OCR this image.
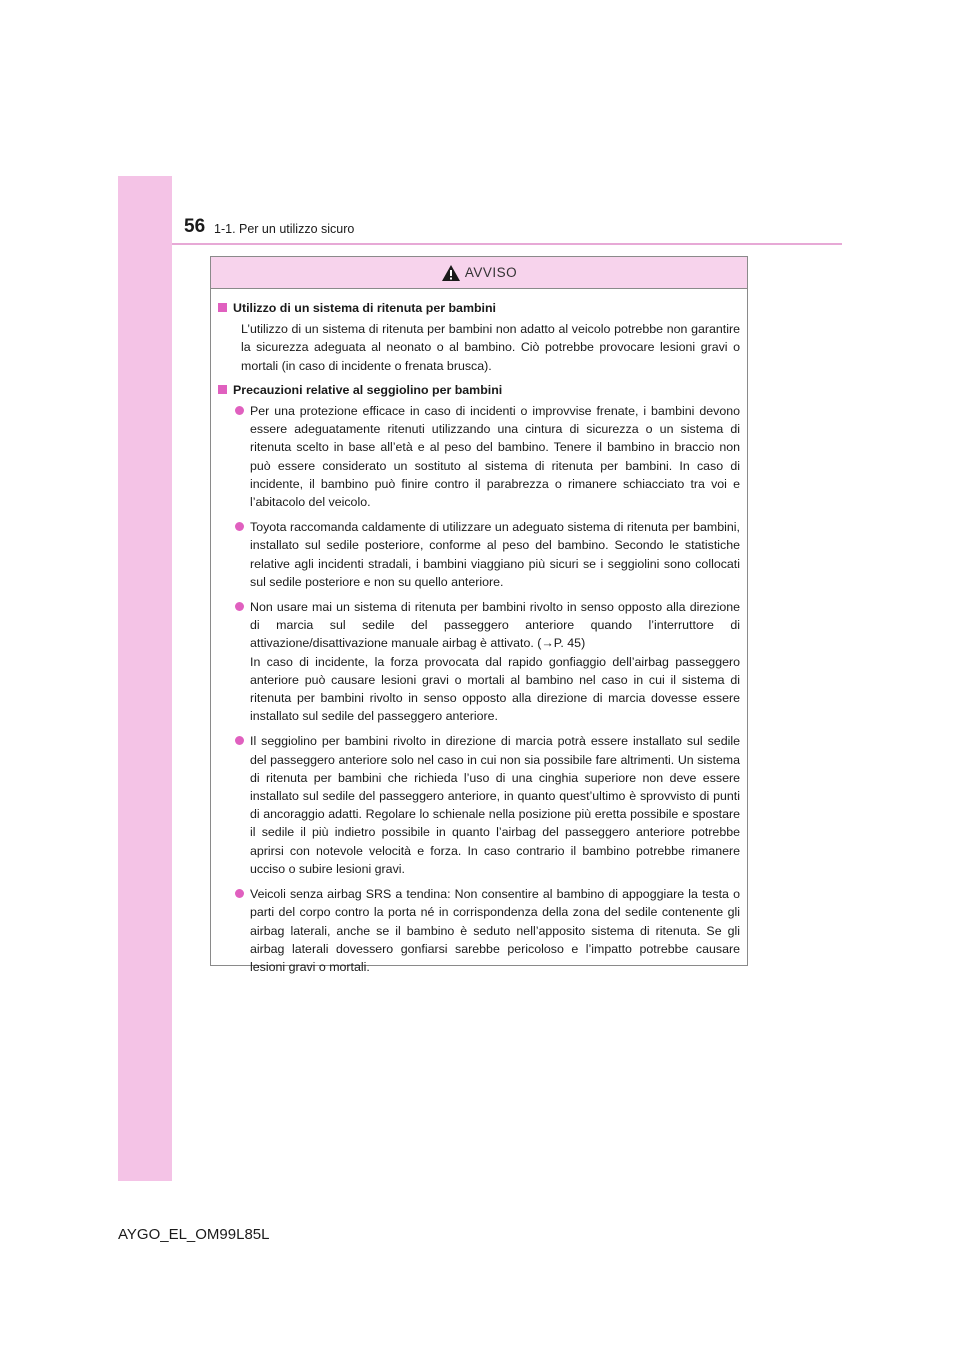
56 1-1. Per un utilizzo sicuro
AVVISO
Utilizzo di un sistema di ritenuta per bambini
L’utilizzo di un sistema di ritenuta per bambini non adatto al veicolo potrebbe non garantire la sicurezza adeguata al neonato o al bambino. Ciò potrebbe provocare lesioni gravi o mortali (in caso di incidente o frenata brusca).
Precauzioni relative al seggiolino per bambini
Per una protezione efficace in caso di incidenti o improvvise frenate, i bambini devono essere adeguatamente ritenuti utilizzando una cintura di sicurezza o un sistema di ritenuta scelto in base all’età e al peso del bambino. Tenere il bambino in braccio non può essere considerato un sostituto al sistema di ritenuta per bambini. In caso di incidente, il bambino può finire contro il parabrezza o rimanere schiacciato tra voi e l’abitacolo del veicolo.
Toyota raccomanda caldamente di utilizzare un adeguato sistema di ritenuta per bambini, installato sul sedile posteriore, conforme al peso del bambino. Secondo le statistiche relative agli incidenti stradali, i bambini viaggiano più sicuri se i seggiolini sono collocati sul sedile posteriore e non su quello anteriore.
Non usare mai un sistema di ritenuta per bambini rivolto in senso opposto alla direzione di marcia sul sedile del passeggero anteriore quando l’interruttore di attivazione/disattivazione manuale airbag è attivato. (→P. 45)
In caso di incidente, la forza provocata dal rapido gonfiaggio dell’airbag passeggero anteriore può causare lesioni gravi o mortali al bambino nel caso in cui il sistema di ritenuta per bambini rivolto in senso opposto alla direzione di marcia dovesse essere installato sul sedile del passeggero anteriore.
Il seggiolino per bambini rivolto in direzione di marcia potrà essere installato sul sedile del passeggero anteriore solo nel caso in cui non sia possibile fare altrimenti. Un sistema di ritenuta per bambini che richieda l’uso di una cinghia superiore non deve essere installato sul sedile del passeggero anteriore, in quanto quest’ultimo è sprovvisto di punti di ancoraggio adatti. Regolare lo schienale nella posizione più eretta possibile e spostare il sedile il più indietro possibile in quanto l’airbag del passeggero anteriore potrebbe aprirsi con notevole velocità e forza. In caso contrario il bambino potrebbe rimanere ucciso o subire lesioni gravi.
Veicoli senza airbag SRS a tendina: Non consentire al bambino di appoggiare la testa o parti del corpo contro la porta né in corrispondenza della zona del sedile contenente gli airbag laterali, anche se il bambino è seduto nell’apposito sistema di ritenuta. Se gli airbag laterali dovessero gonfiarsi sarebbe pericoloso e l’impatto potrebbe causare lesioni gravi o mortali.
AYGO_EL_OM99L85L
